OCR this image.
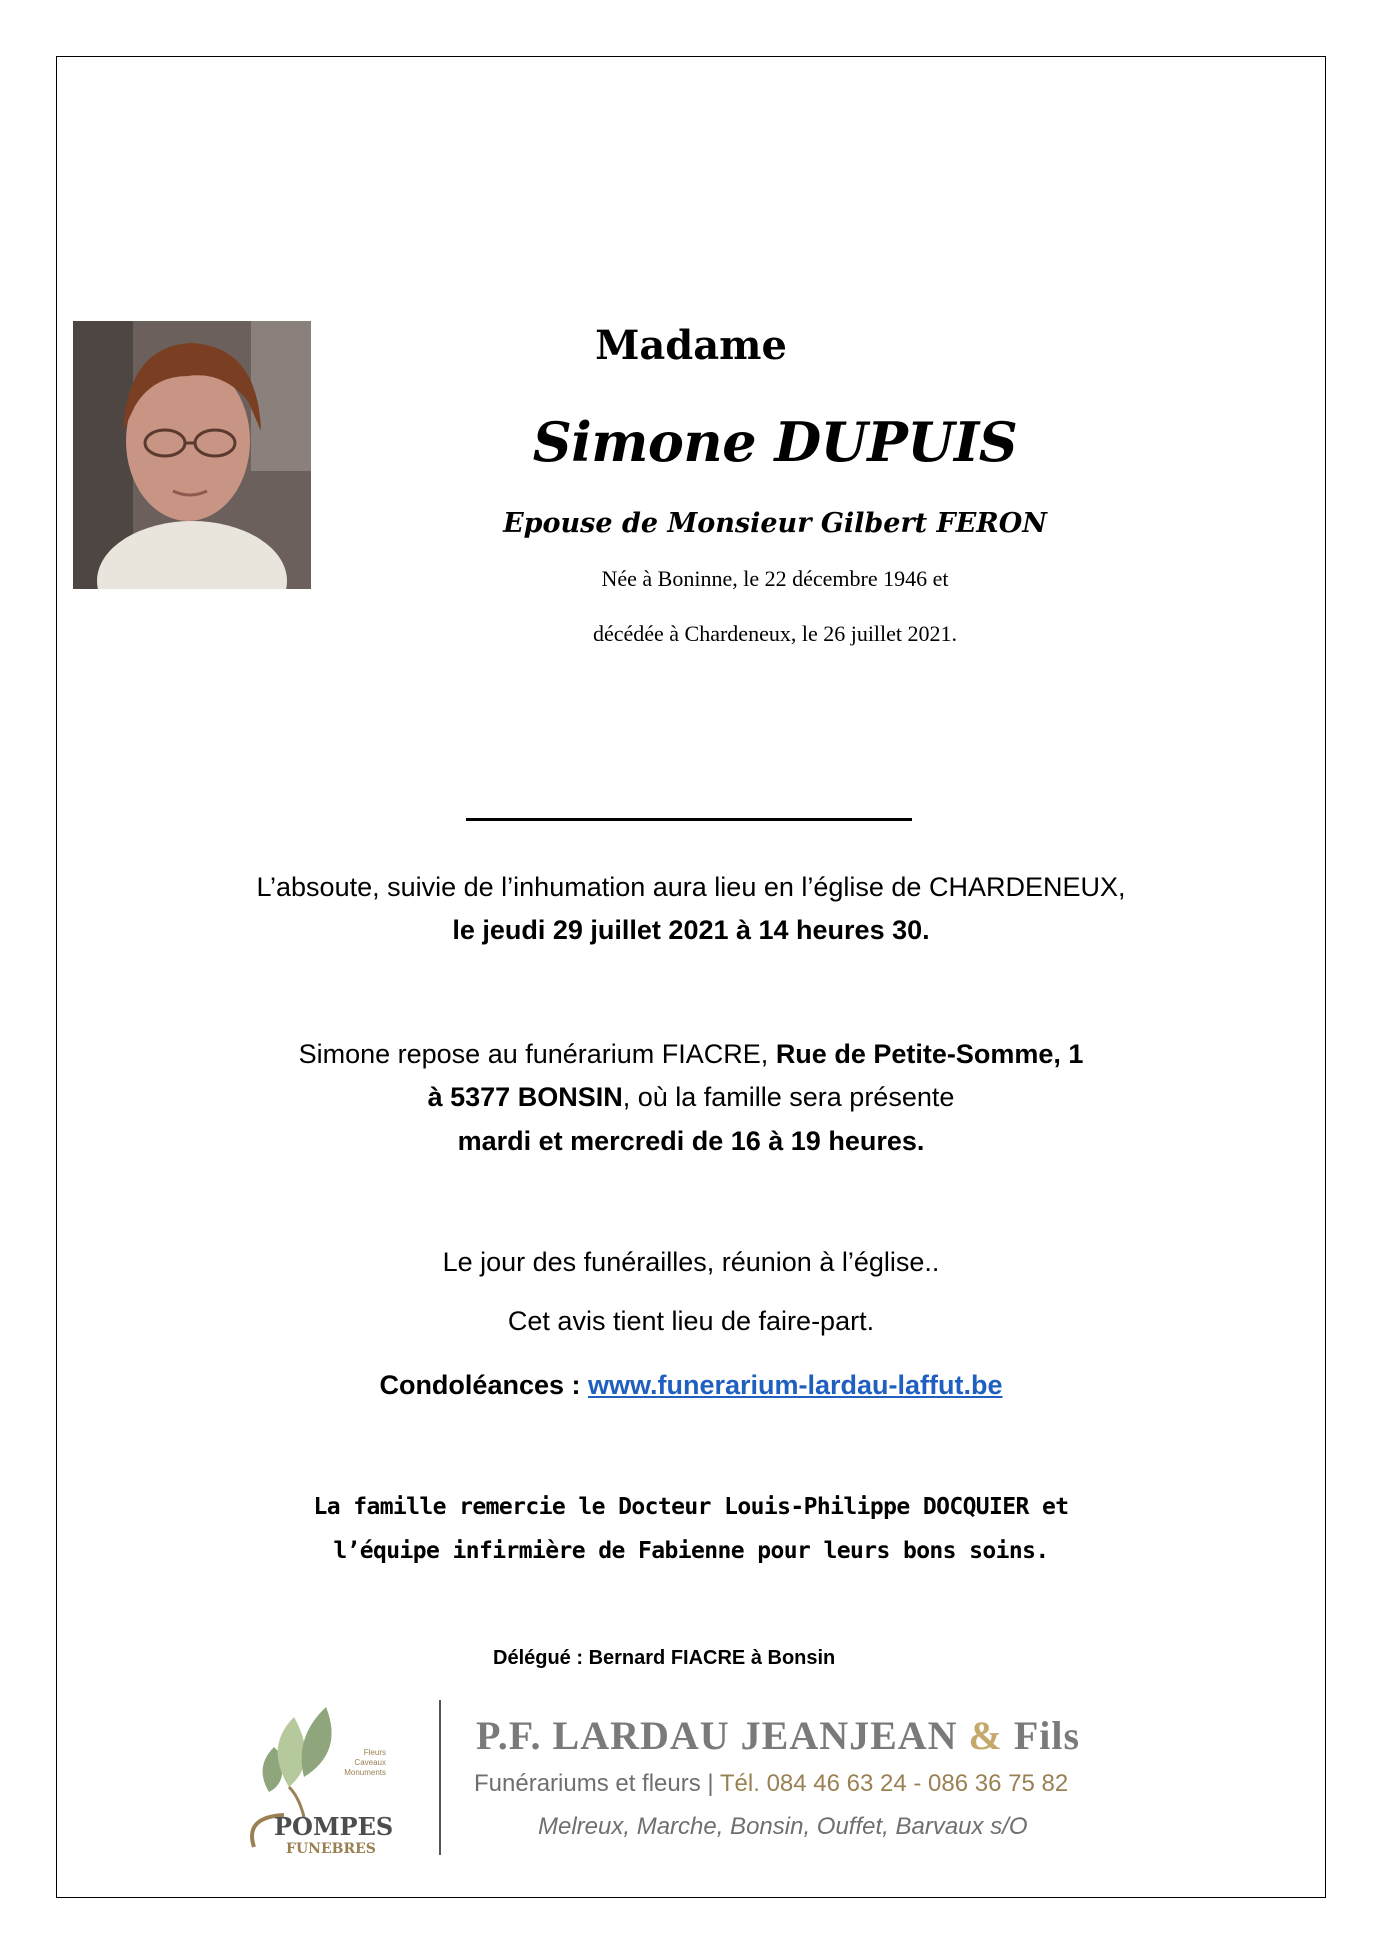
Madame
Simone DUPUIS
Epouse de Monsieur Gilbert FERON
Née à Boninne, le 22 décembre 1946 et
décédée à Chardeneux, le 26 juillet 2021.
L’absoute, suivie de l’inhumation aura lieu en l’église de CHARDENEUX,
le jeudi 29 juillet 2021 à 14 heures 30.
Simone repose au funérarium FIACRE, Rue de Petite-Somme, 1
à 5377 BONSIN, où la famille sera présente
mardi et mercredi de 16 à 19 heures.
Le jour des funérailles, réunion à l’église..
Cet avis tient lieu de faire-part.
Condoléances : www.funerarium-lardau-laffut.be
La famille remercie le Docteur Louis-Philippe DOCQUIER et
l’équipe infirmière de Fabienne pour leurs bons soins.
Délégué : Bernard FIACRE à Bonsin
Fleurs
Caveaux
Monuments
POMPES
FUNEBRES
P.F. LARDAU JEANJEAN & Fils
Funérariums et fleurs | Tél. 084 46 63 24 - 086 36 75 82
Melreux, Marche, Bonsin, Ouffet, Barvaux s/O
